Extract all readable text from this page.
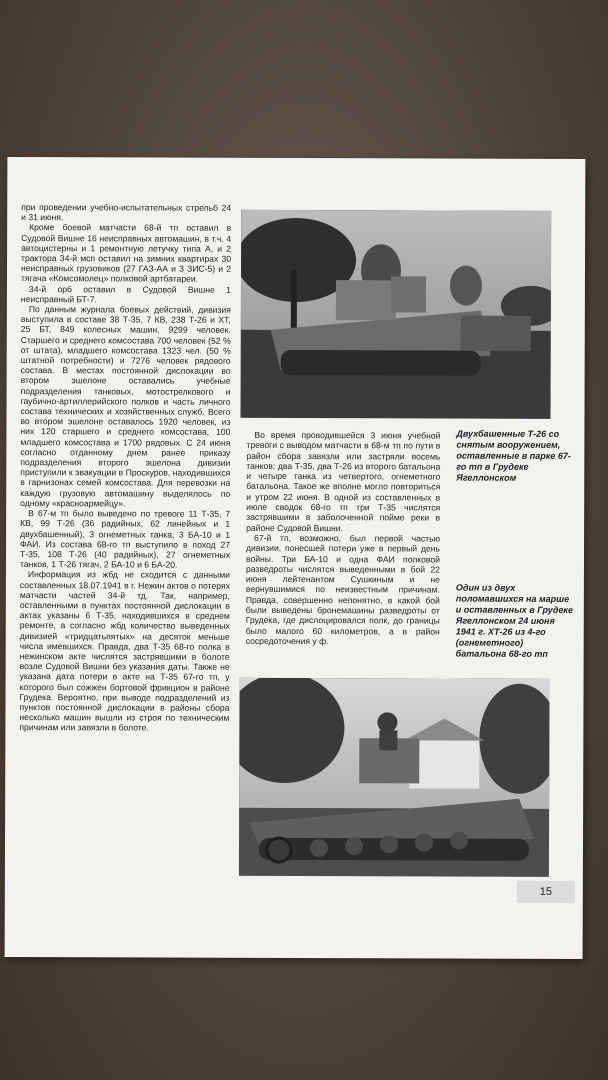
при проведении учебно-испытательных стрельб 24 и 31 июня.

Кроме боевой матчасти 68-й тп оставил в Судовой Вишне 16 неисправных автомашин, в т.ч. 4 автоцистерны и 1 ремонтную летучку типа А, и 2 трактора 34-й мсп оставил на зимних квартирах 30 неисправных грузовиков (27 ГАЗ-АА и 3 ЗИС-5) и 2 тягача «Комсомолец» полковой артбатареи.

34-й орб оставил в Судовой Вишне 1 неисправный БТ-7.

По данным журнала боевых действий, дивизия выступила в составе 38 Т-35, 7 КВ, 238 Т-26 и ХТ, 25 БТ, 849 колесных машин, 9299 человек. Старшего и среднего комсостава 700 человек (52 % от штата), младшего комсостава 1323 чел. (50 % штатной потребности) и 7276 человек рядового состава. В местах постоянной дислокации во втором эшелоне оставались учебные подразделения танковых, мотострелкового и гаубично-артиллерийского полков и часть личного состава технических и хозяйственных служб. Всего во втором эшелоне оставалось 1920 человек, из них 120 старшего и среднего комсостава, 100 младшего комсостава и 1700 рядовых. С 24 июня согласно отданному днем ранее приказу подразделения второго эшелона дивизии приступили к эвакуации в Проскуров, находившихся в гарнизонах семей комсостава. Для перевозки на каждую грузовую автомашину выделялось по одному «красноармейцу».

В 67-м тп было выведено по тревоге 11 Т-35, 7 КВ, 99 Т-26 (36 радийных, 62 линейных и 1 двухбашенный), 3 огнеметных танка, 3 БА-10 и 1 ФАИ. Из состава 68-го тп выступило в поход 27 Т-35, 108 Т-26 (40 радийных), 27 огнеметных танков, 1 Т-26 тягач, 2 БА-10 и 6 БА-20.

Информация из жбд не сходится с данными составленных 18.07.1941 в г. Нежин актов о потерях матчасти частей 34-й тд. Так, например, оставленными в пунктах постоянной дислокации в актах указаны 6 Т-35, находившихся в среднем ремонте, а согласно жбд количество выведенных дивизией «тридцатьпятых» на десяток меньше числа имевшихся. Правда, два Т-35 68-го полка в нежинском акте числятся застрявшими в болоте возле Судовой Вишни без указания даты. Также не указана дата потери в акте на Т-35 67-го тп, у которого был сожжен бортовой фрикцион в районе Грудека. Вероятно, при выводе подразделений из пунктов постоянной дислокации в районы сбора несколько машин вышли из строя по техническим причинам или завязли в болоте.

Двухбашенные Т-26 со снятым вооружением, оставленные в парке 67-го тп в Грудеке Ягеллонском

Во время проводившейся 3 июня учебной тревоги с выводом матчасти в 68-м тп по пути в район сбора завязли или застряли восемь танков: два Т-35, два Т-26 из второго батальона и четыре танка из четвертого, огнеметного батальона. Такое же вполне могло повториться и утром 22 июня. В одной из составленных в июле сводок 68-го тп три Т-35 числятся застрявшими в заболоченной пойме реки в районе Судовой Вишни.

67-й тп, возможно, был первой частью дивизии, понесшей потери уже в первый день войны. Три БА-10 и одна ФАИ полковой разведроты числятся выведенными в бой 22 июня лейтенантом Сушкиным и не вернувшимися по неизвестным причинам. Правда, совершенно непонятно, в какой бой были выведены бронемашины разведроты от Грудека, где дислоцировался полк, до границы было малого 60 километров, а в район сосредоточения у ф.

Один из двух поломавшихся на марше и оставленных в Грудеке Ягеллонском 24 июня 1941 г. ХТ-26 из 4-го (огнеметного) батальона 68-го тп
15
